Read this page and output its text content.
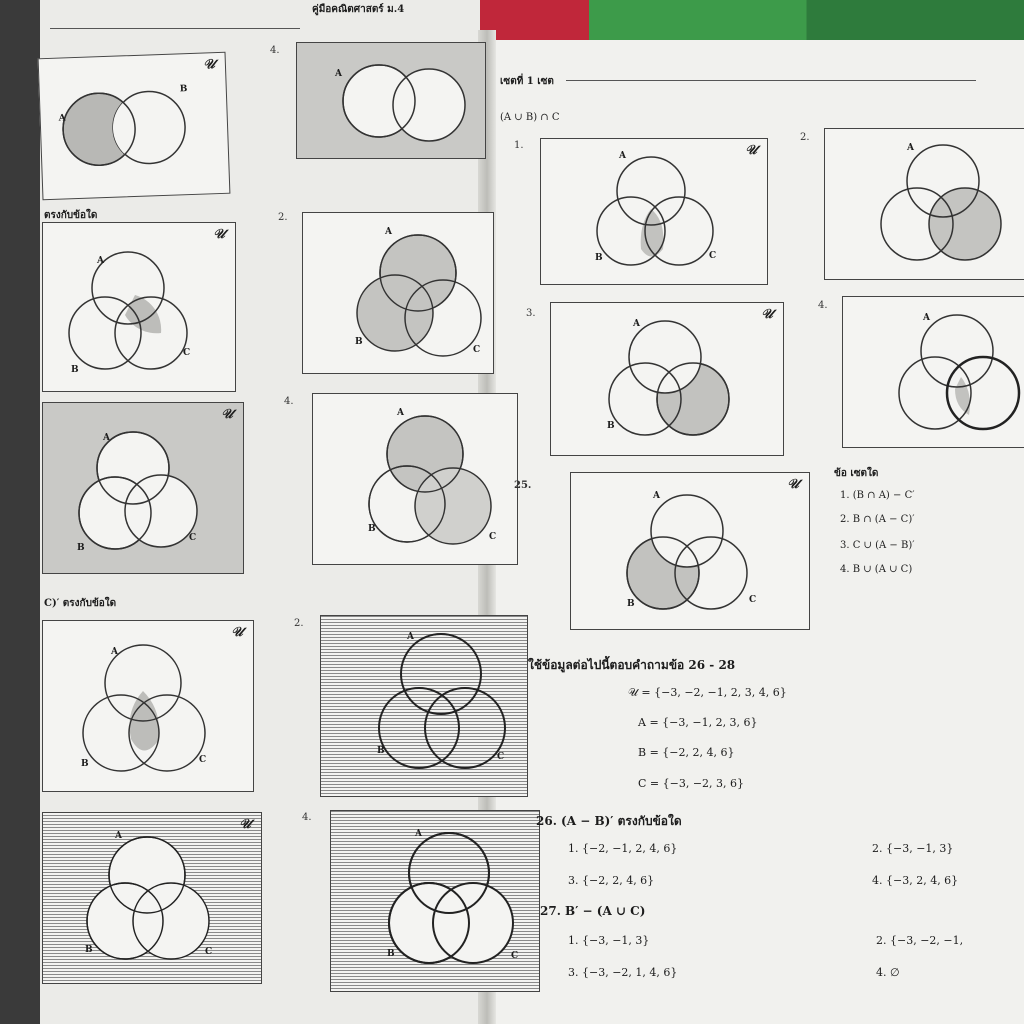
คู่มือคณิตศาสตร์ ม.4
𝒰
A
B
4.
A
ตรงกับข้อใด
𝒰
A
B
C
2.
A
B
C
𝒰
A
B
C
4.
A
B
C
C)′ ตรงกับข้อใด
𝒰
A
B	C
2.
A
B
C
𝒰
A
B	C
4.
A
B	C
เซตที่ 1 เซต
(A ∪ B) ∩ C
1.	𝒰
A
B	C
2.
A
3.	𝒰
A
B
4.
A
25.	𝒰
A
B	C
ข้อ เซตใด
1. (B ∩ A) − C′
2. B ∩ (A − C)′
3. C ∪ (A − B)′
4. B ∪ (A ∪ C)
ใช้ข้อมูลต่อไปนี้ตอบคำถามข้อ 26 - 28
𝒰 = {−3, −2, −1, 2, 3, 4, 6}
A = {−3, −1, 2, 3, 6}
B = {−2, 2, 4, 6}
C = {−3, −2, 3, 6}
26. (A − B)′ ตรงกับข้อใด
1. {−2, −1, 2, 4, 6}	2. {−3, −1, 3}
3. {−2, 2, 4, 6}	4. {−3, 2, 4, 6}
27. B′ − (A ∪ C)
1. {−3, −1, 3}	2. {−3, −2, −1,
3. {−3, −2, 1, 4, 6}	4. ∅
